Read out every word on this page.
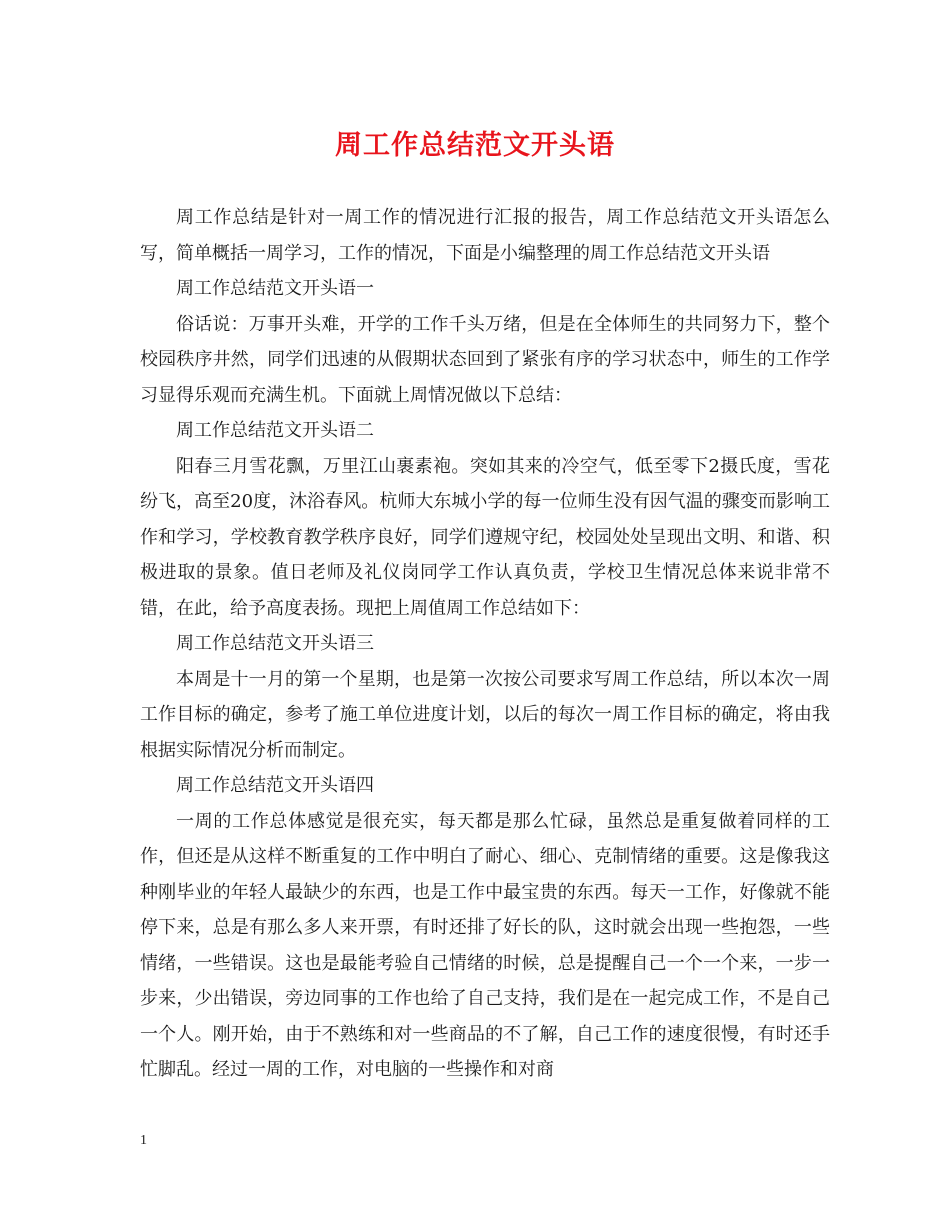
周工作总结范文开头语

周工作总结是针对一周工作的情况进行汇报的报告，周工作总结范文开头语怎么写，简单概括一周学习，工作的情况，下面是小编整理的周工作总结范文开头语

周工作总结范文开头语一

俗话说：万事开头难，开学的工作千头万绪，但是在全体师生的共同努力下，整个校园秩序井然，同学们迅速的从假期状态回到了紧张有序的学习状态中，师生的工作学习显得乐观而充满生机。下面就上周情况做以下总结：

周工作总结范文开头语二

阳春三月雪花飘，万里江山裹素袍。突如其来的冷空气，低至零下2摄氏度，雪花纷飞，高至20度，沐浴春风。杭师大东城小学的每一位师生没有因气温的骤变而影响工作和学习，学校教育教学秩序良好，同学们遵规守纪，校园处处呈现出文明、和谐、积极进取的景象。值日老师及礼仪岗同学工作认真负责，学校卫生情况总体来说非常不错，在此，给予高度表扬。现把上周值周工作总结如下：

周工作总结范文开头语三

本周是十一月的第一个星期，也是第一次按公司要求写周工作总结，所以本次一周工作目标的确定，参考了施工单位进度计划，以后的每次一周工作目标的确定，将由我根据实际情况分析而制定。

周工作总结范文开头语四

一周的工作总体感觉是很充实，每天都是那么忙碌，虽然总是重复做着同样的工作，但还是从这样不断重复的工作中明白了耐心、细心、克制情绪的重要。这是像我这种刚毕业的年轻人最缺少的东西，也是工作中最宝贵的东西。每天一工作，好像就不能停下来，总是有那么多人来开票，有时还排了好长的队，这时就会出现一些抱怨，一些情绪，一些错误。这也是最能考验自己情绪的时候，总是提醒自己一个一个来，一步一步来，少出错误，旁边同事的工作也给了自己支持，我们是在一起完成工作，不是自己一个人。刚开始，由于不熟练和对一些商品的不了解，自己工作的速度很慢，有时还手忙脚乱。经过一周的工作，对电脑的一些操作和对商

1
